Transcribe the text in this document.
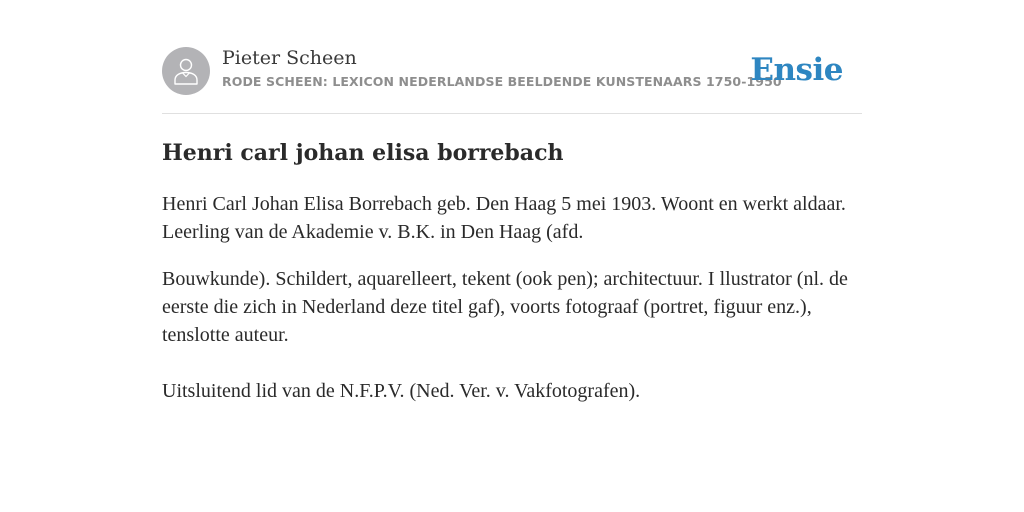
Pieter Scheen
RODE SCHEEN: LEXICON NEDERLANDSE BEELDENDE KUNSTENAARS 1750-1950
Ensie
Henri carl johan elisa borrebach

Henri Carl Johan Elisa Borrebach geb. Den Haag 5 mei 1903. Woont en werkt aldaar. Leerling van de Akademie v. B.K. in Den Haag (afd.

Bouwkunde). Schildert, aquarelleert, tekent (ook pen); architectuur. I llustrator (nl. de eerste die zich in Nederland deze titel gaf), voorts fotograaf (portret, figuur enz.), tenslotte auteur.

Uitsluitend lid van de N.F.P.V. (Ned. Ver. v. Vakfotografen).
